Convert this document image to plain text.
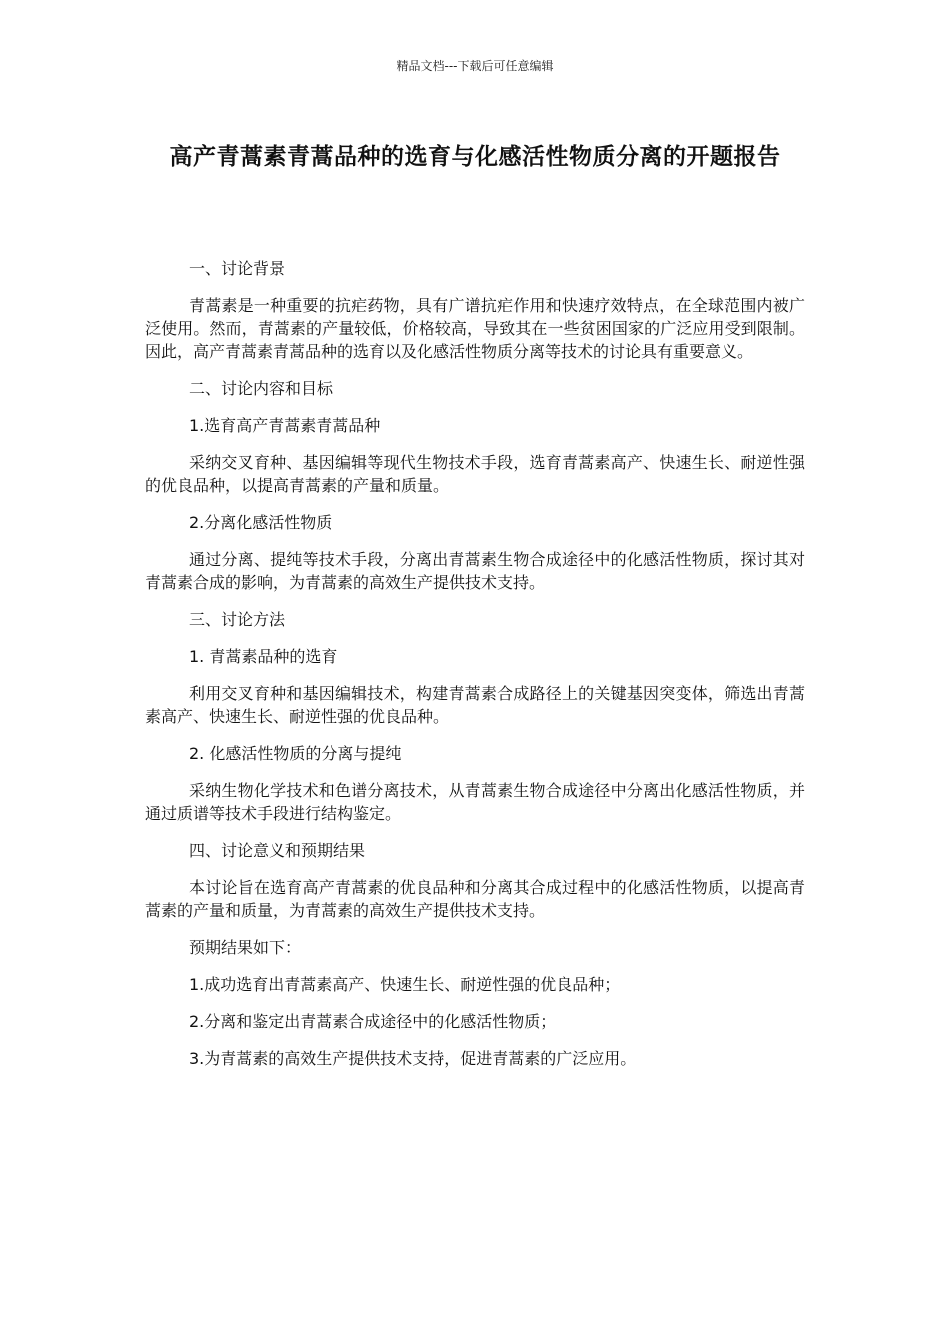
精品文档---下载后可任意编辑
高产青蒿素青蒿品种的选育与化感活性物质分离的开题报告

一、讨论背景

青蒿素是一种重要的抗疟药物，具有广谱抗疟作用和快速疗效特点，在全球范围内被广泛使用。然而，青蒿素的产量较低，价格较高，导致其在一些贫困国家的广泛应用受到限制。因此，高产青蒿素青蒿品种的选育以及化感活性物质分离等技术的讨论具有重要意义。

二、讨论内容和目标

1.选育高产青蒿素青蒿品种

采纳交叉育种、基因编辑等现代生物技术手段，选育青蒿素高产、快速生长、耐逆性强的优良品种，以提高青蒿素的产量和质量。

2.分离化感活性物质

通过分离、提纯等技术手段，分离出青蒿素生物合成途径中的化感活性物质，探讨其对青蒿素合成的影响，为青蒿素的高效生产提供技术支持。

三、讨论方法

1. 青蒿素品种的选育

利用交叉育种和基因编辑技术，构建青蒿素合成路径上的关键基因突变体，筛选出青蒿素高产、快速生长、耐逆性强的优良品种。

2. 化感活性物质的分离与提纯

采纳生物化学技术和色谱分离技术，从青蒿素生物合成途径中分离出化感活性物质，并通过质谱等技术手段进行结构鉴定。

四、讨论意义和预期结果

本讨论旨在选育高产青蒿素的优良品种和分离其合成过程中的化感活性物质，以提高青蒿素的产量和质量，为青蒿素的高效生产提供技术支持。

预期结果如下：

1.成功选育出青蒿素高产、快速生长、耐逆性强的优良品种；

2.分离和鉴定出青蒿素合成途径中的化感活性物质；

3.为青蒿素的高效生产提供技术支持，促进青蒿素的广泛应用。
